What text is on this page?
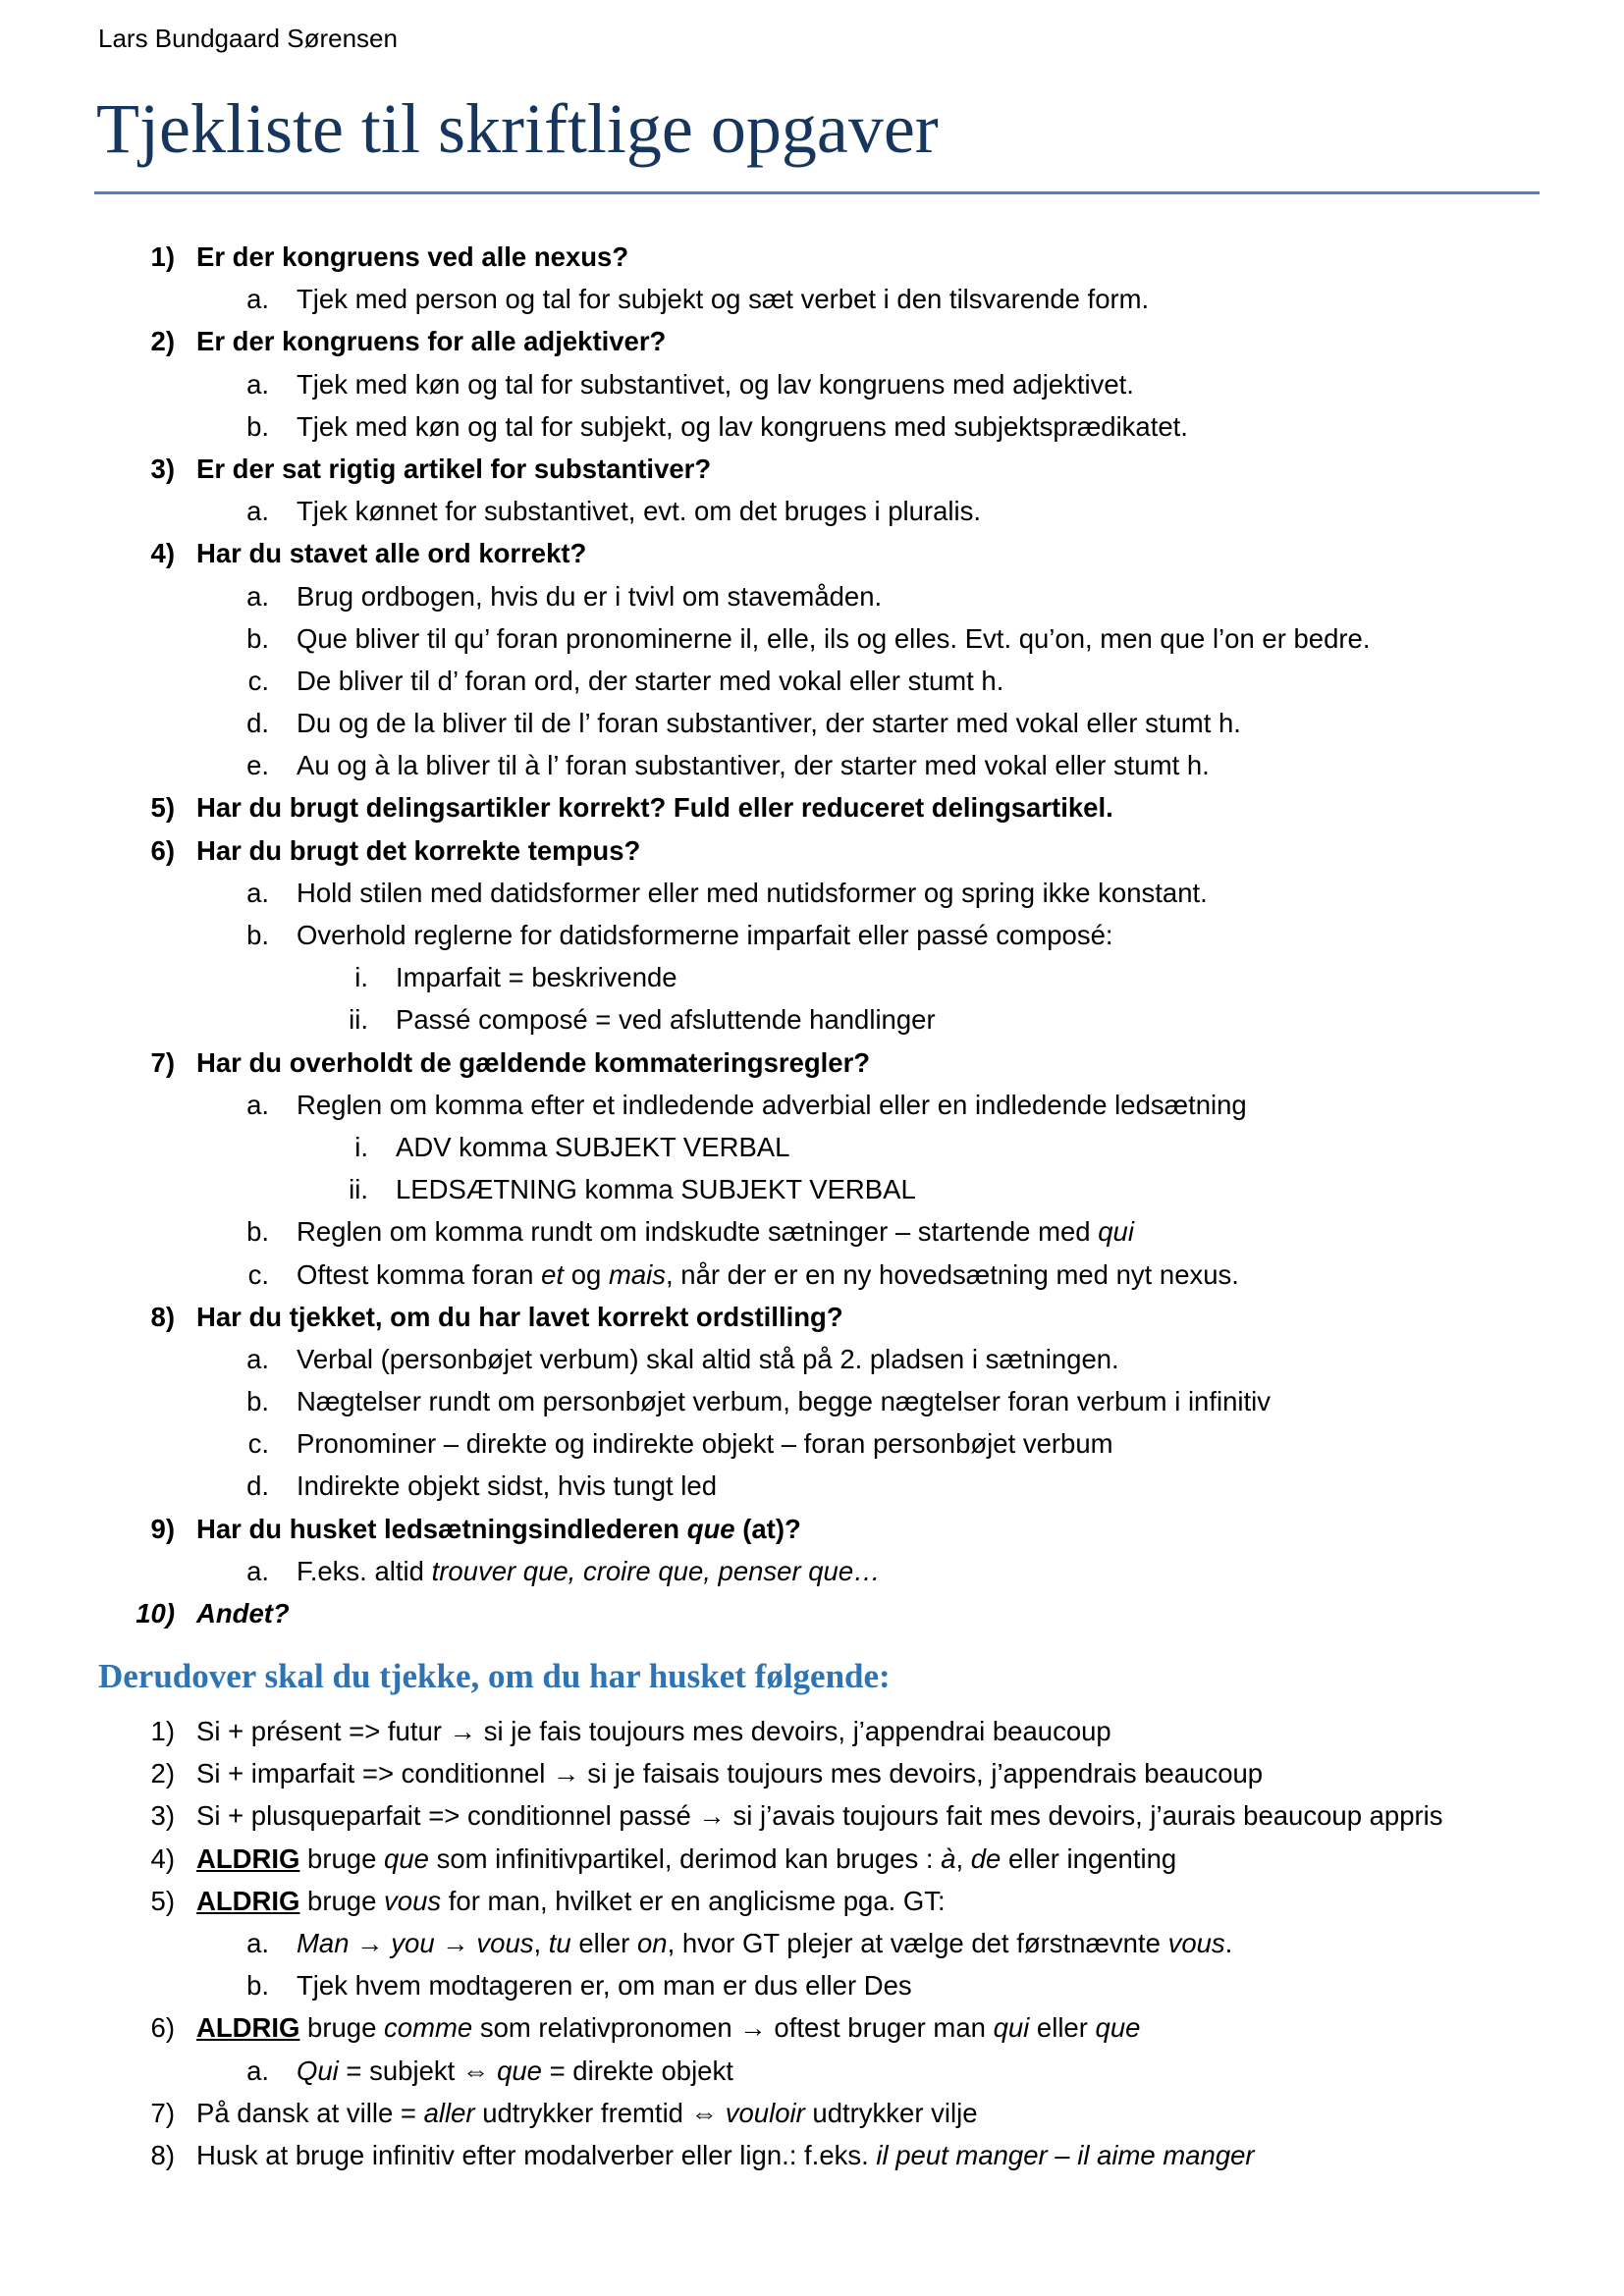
Lars Bundgaard Sørensen
Tjekliste til skriftlige opgaver
1) Er der kongruens ved alle nexus?
a. Tjek med person og tal for subjekt og sæt verbet i den tilsvarende form.
2) Er der kongruens for alle adjektiver?
a. Tjek med køn og tal for substantivet, og lav kongruens med adjektivet.
b. Tjek med køn og tal for subjekt, og lav kongruens med subjektsprædikatet.
3) Er der sat rigtig artikel for substantiver?
a. Tjek kønnet for substantivet, evt. om det bruges i pluralis.
4) Har du stavet alle ord korrekt?
a. Brug ordbogen, hvis du er i tvivl om stavemåden.
b. Que bliver til qu’ foran pronominerne il, elle, ils og elles. Evt. qu’on, men que l’on er bedre.
c. De bliver til d’ foran ord, der starter med vokal eller stumt h.
d. Du og de la bliver til de l’ foran substantiver, der starter med vokal eller stumt h.
e. Au og à la bliver til à l’ foran substantiver, der starter med vokal eller stumt h.
5) Har du brugt delingsartikler korrekt? Fuld eller reduceret delingsartikel.
6) Har du brugt det korrekte tempus?
a. Hold stilen med datidsformer eller med nutidsformer og spring ikke konstant.
b. Overhold reglerne for datidsformerne imparfait eller passé composé:
i. Imparfait = beskrivende
ii. Passé composé = ved afsluttende handlinger
7) Har du overholdt de gældende kommateringsregler?
a. Reglen om komma efter et indledende adverbial eller en indledende ledsætning
i. ADV komma SUBJEKT VERBAL
ii. LEDSÆTNING komma SUBJEKT VERBAL
b. Reglen om komma rundt om indskudte sætninger – startende med qui
c. Oftest komma foran et og mais, når der er en ny hovedsætning med nyt nexus.
8) Har du tjekket, om du har lavet korrekt ordstilling?
a. Verbal (personbøjet verbum) skal altid stå på 2. pladsen i sætningen.
b. Nægtelser rundt om personbøjet verbum, begge nægtelser foran verbum i infinitiv
c. Pronominer – direkte og indirekte objekt – foran personbøjet verbum
d. Indirekte objekt sidst, hvis tungt led
9) Har du husket ledsætningsindlederen que (at)?
a. F.eks. altid trouver que, croire que, penser que…
10) Andet?
Derudover skal du tjekke, om du har husket følgende:
1) Si + présent => futur → si je fais toujours mes devoirs, j’appendrai beaucoup
2) Si + imparfait => conditionnel → si je faisais toujours mes devoirs, j’appendrais beaucoup
3) Si + plusqueparfait => conditionnel passé → si j’avais toujours fait mes devoirs, j’aurais beaucoup appris
4) ALDRIG bruge que som infinitivpartikel, derimod kan bruges : à, de eller ingenting
5) ALDRIG bruge vous for man, hvilket er en anglicisme pga. GT:
a. Man → you → vous, tu eller on, hvor GT plejer at vælge det førstnævnte vous.
b. Tjek hvem modtageren er, om man er dus eller Des
6) ALDRIG bruge comme som relativpronomen → oftest bruger man qui eller que
a. Qui = subjekt ⇔ que = direkte objekt
7) På dansk at ville = aller udtrykker fremtid ⇔ vouloir udtrykker vilje
8) Husk at bruge infinitiv efter modalverber eller lign.: f.eks. il peut manger – il aime manger
